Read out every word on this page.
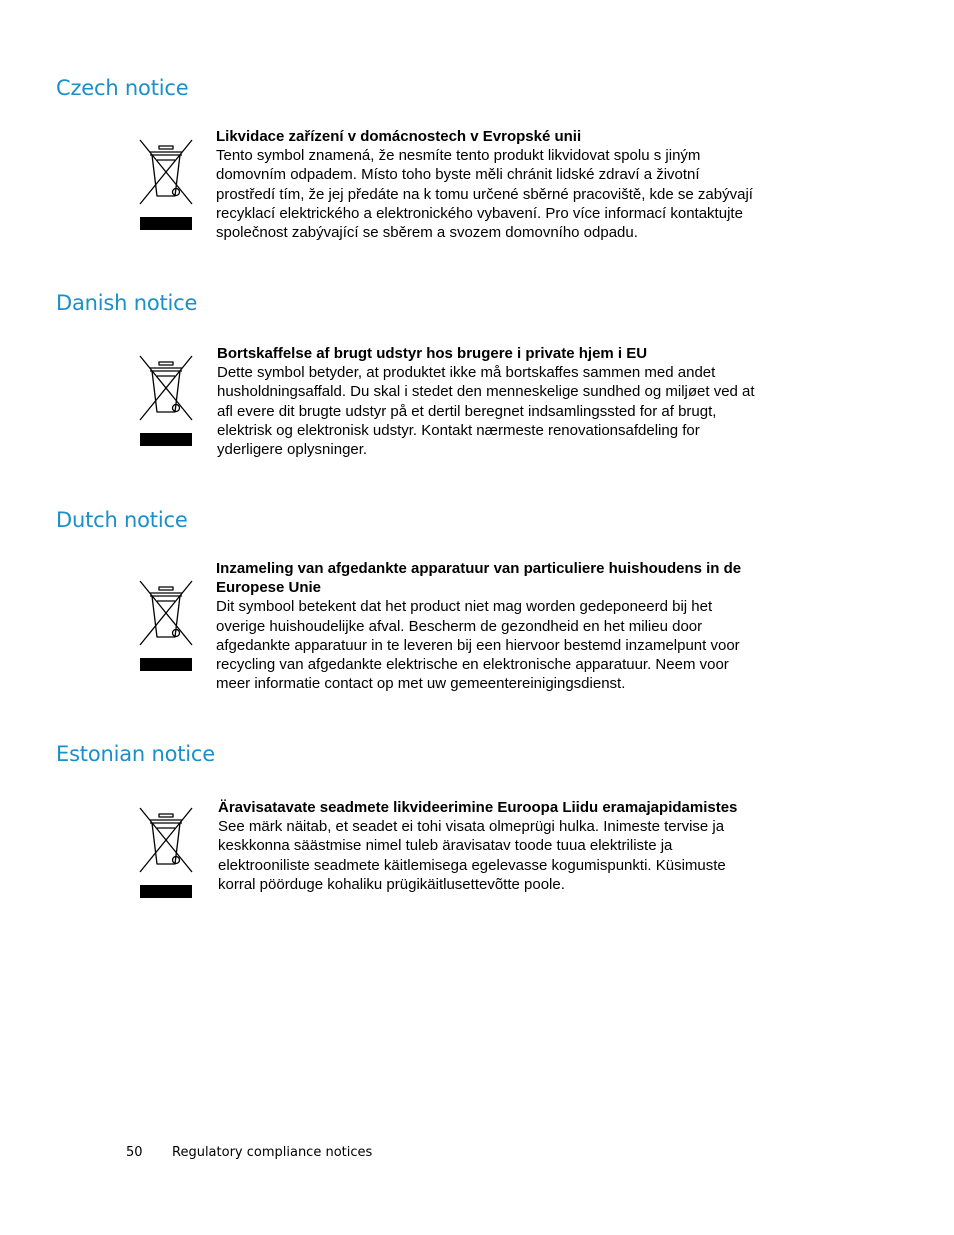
Czech notice
Likvidace zařízení v domácnostech v Evropské unii
Tento symbol znamená, že nesmíte tento produkt likvidovat spolu s jiným domovním odpadem. Místo toho byste měli chránit lidské zdraví a životní prostředí tím, že jej předáte na k tomu určené sběrné pracoviště, kde se zabývají recyklací elektrického a elektronického vybavení. Pro více informací kontaktujte společnost zabývající se sběrem a svozem domovního odpadu.
Danish notice
Bortskaffelse af brugt udstyr hos brugere i private hjem i EU
Dette symbol betyder, at produktet ikke må bortskaffes sammen med andet husholdningsaffald. Du skal i stedet den menneskelige sundhed og miljøet ved at afl evere dit brugte udstyr på et dertil beregnet indsamlingssted for af brugt, elektrisk og elektronisk udstyr. Kontakt nærmeste renovationsafdeling for yderligere oplysninger.
Dutch notice
Inzameling van afgedankte apparatuur van particuliere huishoudens in de Europese Unie
Dit symbool betekent dat het product niet mag worden gedeponeerd bij het overige huishoudelijke afval. Bescherm de gezondheid en het milieu door afgedankte apparatuur in te leveren bij een hiervoor bestemd inzamelpunt voor recycling van afgedankte elektrische en elektronische apparatuur. Neem voor meer informatie contact op met uw gemeentereinigingsdienst.
Estonian notice
Äravisatavate seadmete likvideerimine Euroopa Liidu eramajapidamistes
See märk näitab, et seadet ei tohi visata olmeprügi hulka. Inimeste tervise ja keskkonna säästmise nimel tuleb äravisatav toode tuua elektriliste ja elektrooniliste seadmete käitlemisega egelevasse kogumispunkti. Küsimuste korral pöörduge kohaliku prügikäitlusettevõtte poole.
50 Regulatory compliance notices
